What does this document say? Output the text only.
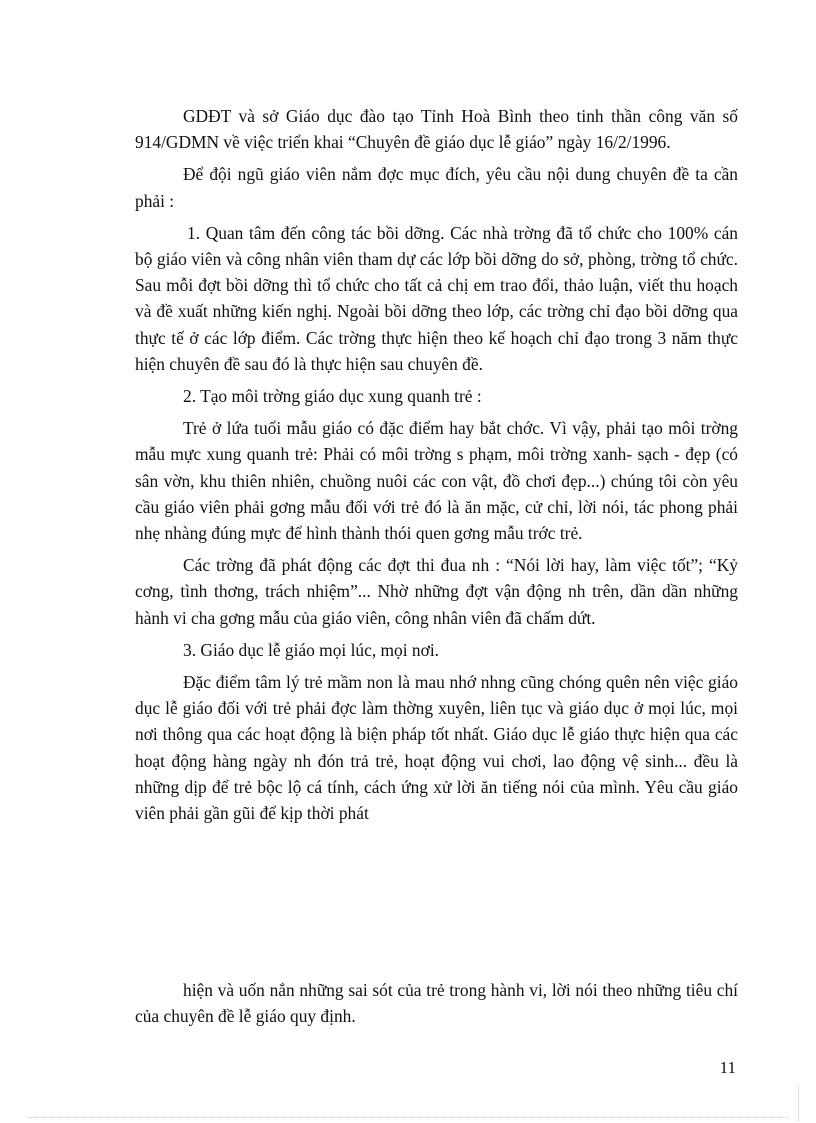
GDĐT và sở Giáo dục đào tạo Tỉnh Hoà Bình theo tinh thần công văn số 914/GDMN về việc triển khai “Chuyên đề giáo dục lễ giáo” ngày 16/2/1996.

Để đội ngũ giáo viên nắm đợc mục đích, yêu cầu nội dung chuyên đề ta cần phải :

1. Quan tâm đến công tác bồi dỡng. Các nhà trờng đã tổ chức cho 100% cán bộ giáo viên và công nhân viên tham dự các lớp bồi dỡng do sở, phòng, trờng tổ chức. Sau mỗi đợt bồi dỡng thì tổ chức cho tất cả chị em trao đổi, thảo luận, viết thu hoạch và đề xuất những kiến nghị. Ngoài bồi dỡng theo lớp, các trờng chỉ đạo bồi dỡng qua thực tế ở các lớp điểm. Các trờng thực hiện theo kế hoạch chỉ đạo trong 3 năm thực hiện chuyên đề sau đó là thực hiện sau chuyên đề.

2. Tạo môi trờng giáo dục xung quanh trẻ :

Trẻ ở lứa tuổi mẫu giáo có đặc điểm hay bắt chớc. Vì vậy, phải tạo môi trờng mẫu mực xung quanh trẻ: Phải có môi trờng s phạm, môi trờng xanh- sạch - đẹp (có sân vờn, khu thiên nhiên, chuồng nuôi các con vật, đồ chơi đẹp...) chúng tôi còn yêu cầu giáo viên phải gơng mẫu đối với trẻ đó là ăn mặc, cử chỉ, lời nói, tác phong phải nhẹ nhàng đúng mực để hình thành thói quen gơng mẫu trớc trẻ.

Các trờng đã phát động các đợt thi đua nh : “Nói lời hay, làm việc tốt”; “Kỷ cơng, tình thơng, trách nhiệm”... Nhờ những đợt vận động nh trên, dần dần những hành vi cha gơng mẫu của giáo viên, công nhân viên đã chấm dứt.

3. Giáo dục lễ giáo mọi lúc, mọi nơi.

Đặc điểm tâm lý trẻ mầm non là mau nhớ nhng cũng chóng quên nên việc giáo dục lễ giáo đối với trẻ phải đợc làm thờng xuyên, liên tục và giáo dục ở mọi lúc, mọi nơi thông qua các hoạt động là biện pháp tốt nhất. Giáo dục lễ giáo thực hiện qua các hoạt động hàng ngày nh đón trả trẻ, hoạt động vui chơi, lao động vệ sinh... đều là những dịp để trẻ bộc lộ cá tính, cách ứng xử lời ăn tiếng nói của mình. Yêu cầu giáo viên phải gần gũi để kịp thời phát

hiện và uốn nắn những sai sót của trẻ trong hành vi, lời nói theo những tiêu chí của chuyên đề lễ giáo quy định.

11
